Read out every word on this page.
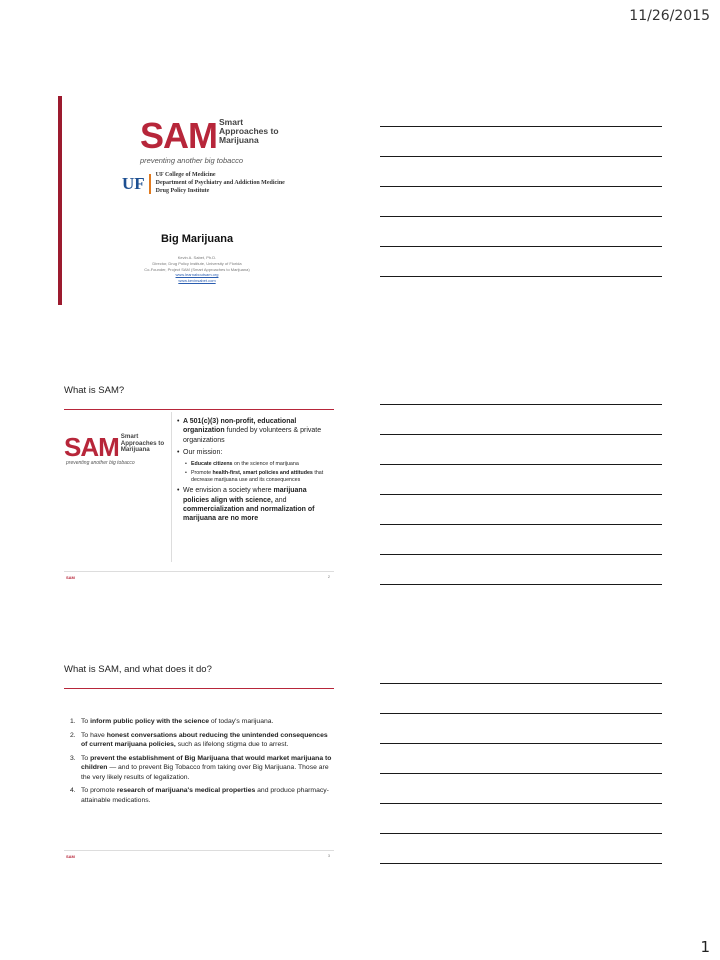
11/26/2015
SAM Smart
Approaches to
Marijuana
preventing another big tobacco
UF	UF College of Medicine
Department of Psychiatry and Addiction Medicine
Drug Policy Institute
Big Marijuana
Kevin A. Sabet, Ph.D.
Director, Drug Policy Institute, University of Florida
Co-Founder, Project SAM (Smart Approaches to Marijuana)
www.learnaboutsam.org
www.kevinsabet.com
What is SAM?
SAM Smart
Approaches to
Marijuana
preventing another big tobacco
• A 501(c)(3) non-profit, educational organization funded by volunteers & private organizations
• Our mission:
• Educate citizens on the science of marijuana
• Promote health-first, smart policies and attitudes that decrease marijuana use and its consequences
• We envision a society where marijuana policies align with science, and commercialization and normalization of marijuana are no more
SAM	2
What is SAM, and what does it do?
1. To inform public policy with the science of today's marijuana.
2. To have honest conversations about reducing the unintended consequences of current marijuana policies, such as lifelong stigma due to arrest.
3. To prevent the establishment of Big Marijuana that would market marijuana to children — and to prevent Big Tobacco from taking over Big Marijuana. Those are the very likely results of legalization.
4. To promote research of marijuana's medical properties and produce pharmacy-attainable medications.
SAM	3
1
